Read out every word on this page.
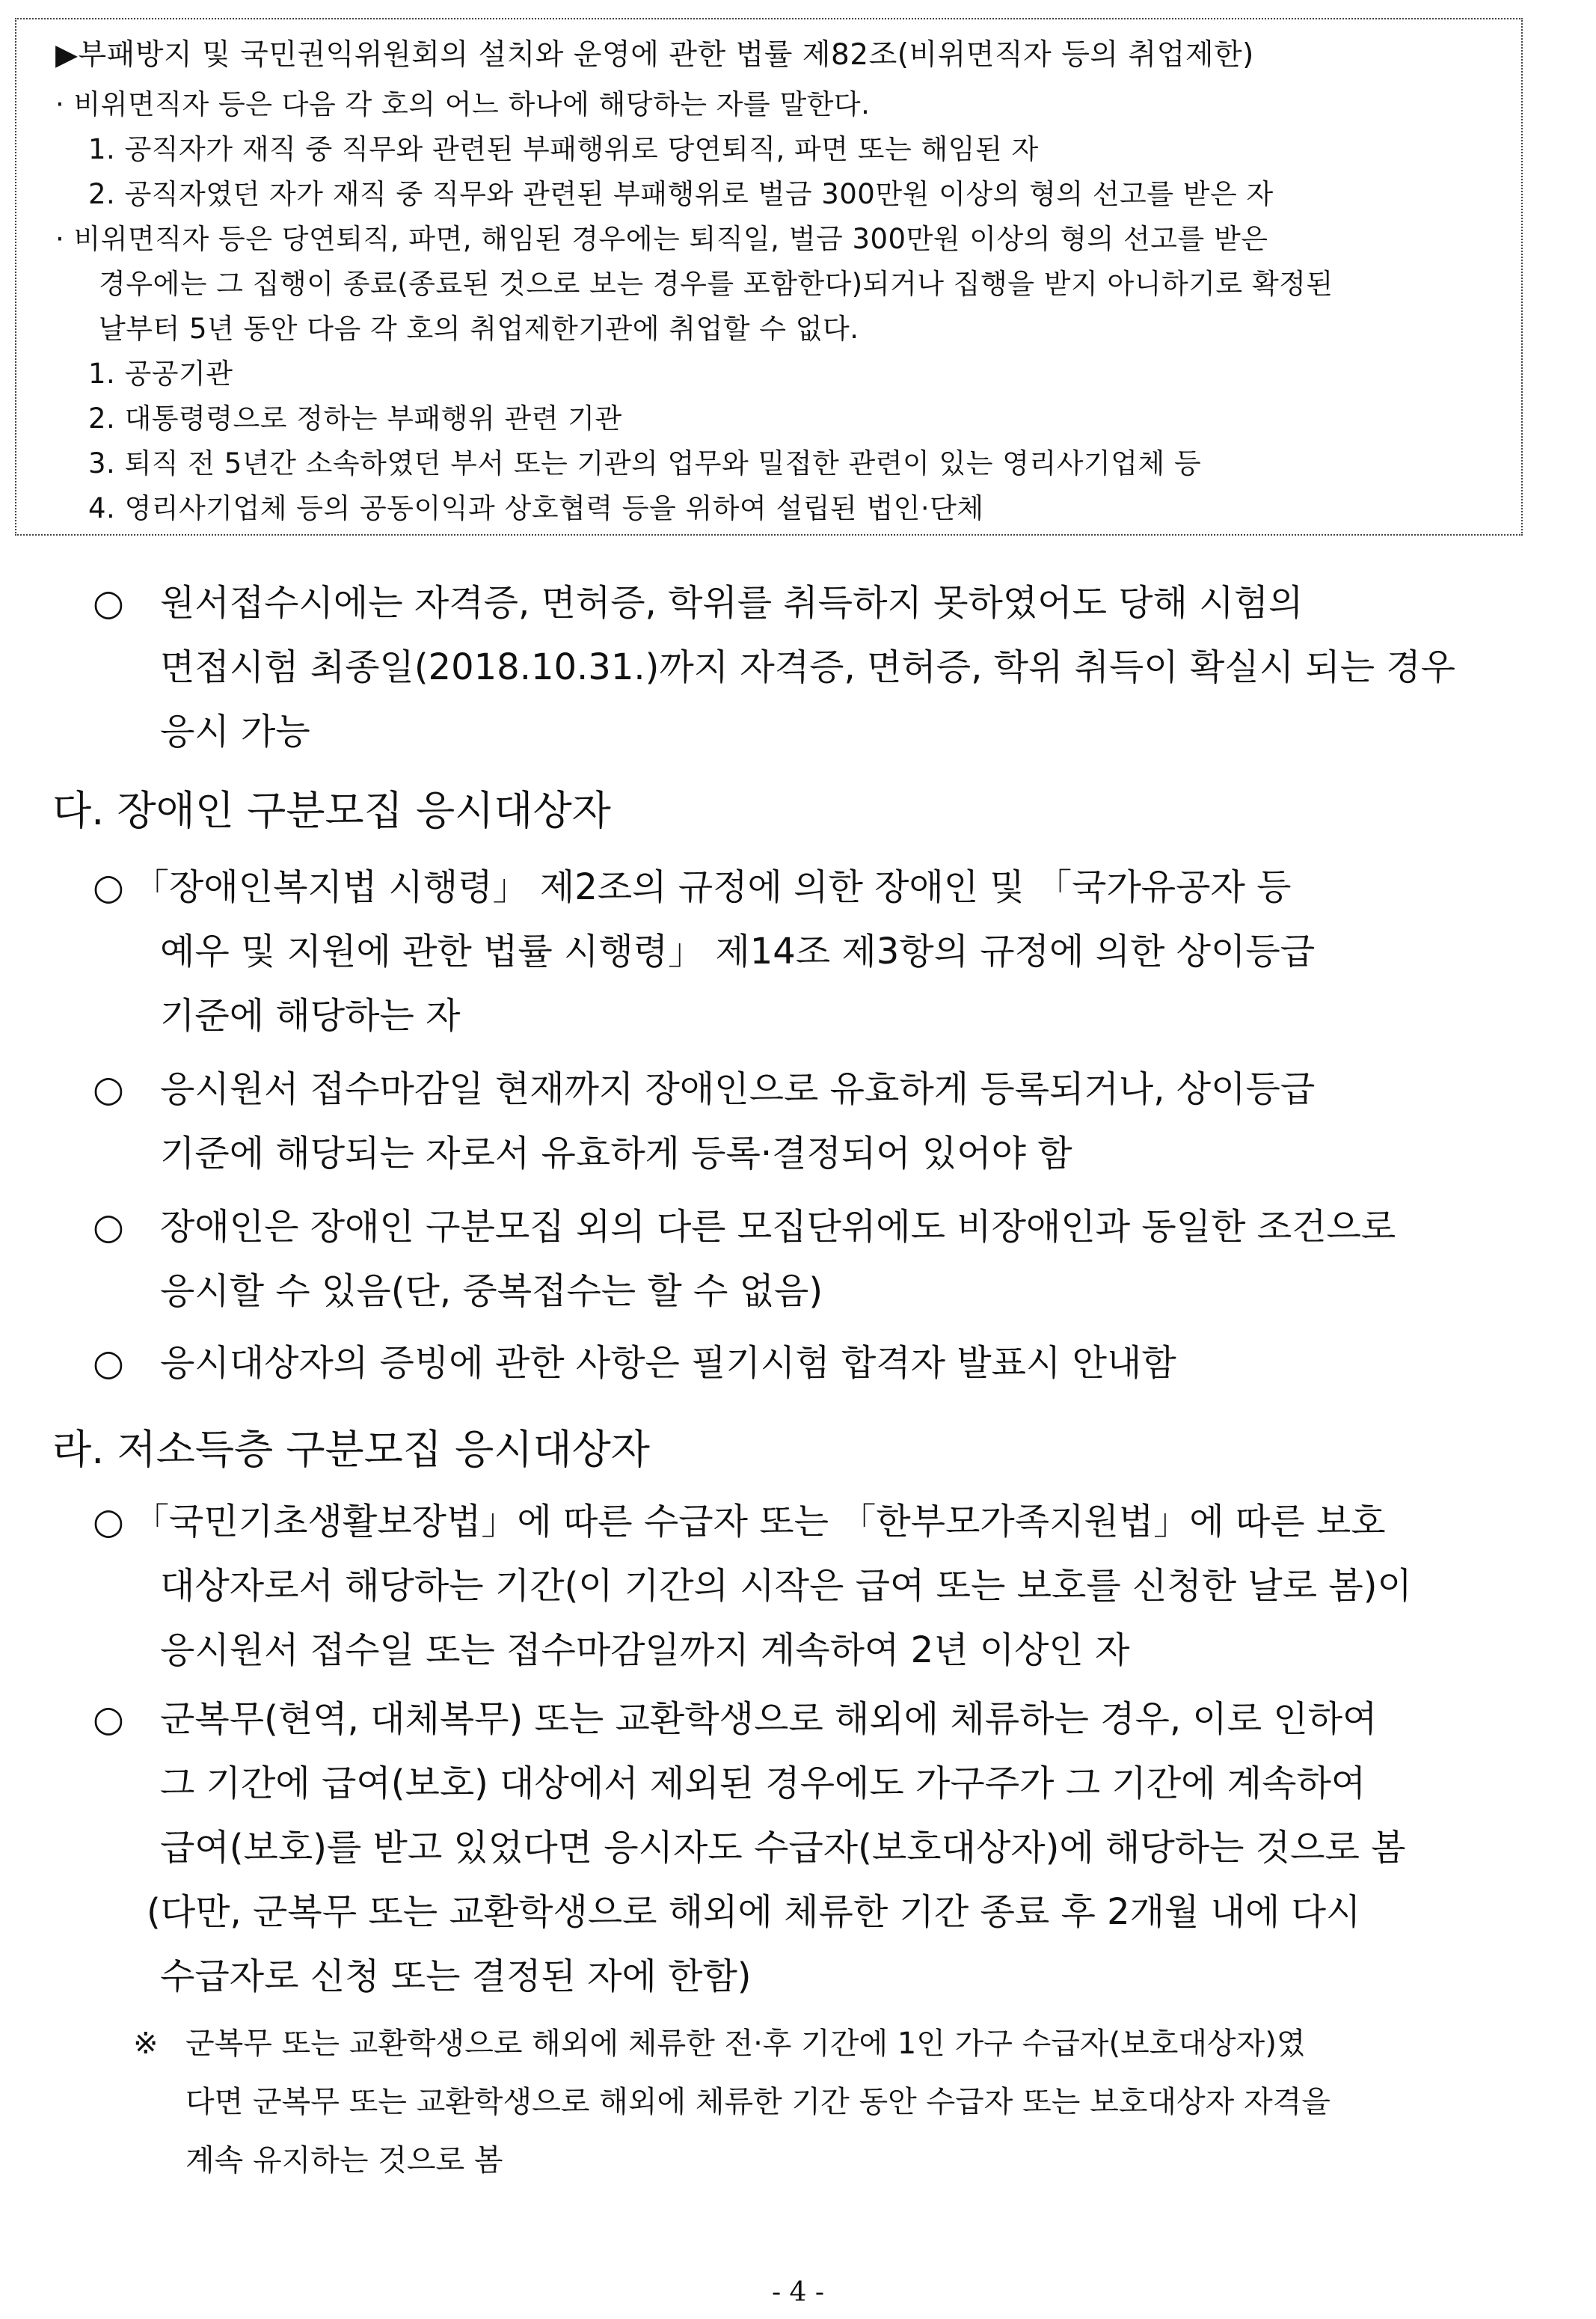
▶부패방지 및 국민권익위원회의 설치와 운영에 관한 법률 제82조(비위면직자 등의 취업제한)
· 비위면직자 등은 다음 각 호의 어느 하나에 해당하는 자를 말한다.
1. 공직자가 재직 중 직무와 관련된 부패행위로 당연퇴직, 파면 또는 해임된 자
2. 공직자였던 자가 재직 중 직무와 관련된 부패행위로 벌금 300만원 이상의 형의 선고를 받은 자
· 비위면직자 등은 당연퇴직, 파면, 해임된 경우에는 퇴직일, 벌금 300만원 이상의 형의 선고를 받은
경우에는 그 집행이 종료(종료된 것으로 보는 경우를 포함한다)되거나 집행을 받지 아니하기로 확정된
날부터 5년 동안 다음 각 호의 취업제한기관에 취업할 수 없다.
1. 공공기관
2. 대통령령으로 정하는 부패행위 관련 기관
3. 퇴직 전 5년간 소속하였던 부서 또는 기관의 업무와 밀접한 관련이 있는 영리사기업체 등
4. 영리사기업체 등의 공동이익과 상호협력 등을 위하여 설립된 법인·단체
○ 원서접수시에는 자격증, 면허증, 학위를 취득하지 못하였어도 당해 시험의
면접시험 최종일(2018.10.31.)까지 자격증, 면허증, 학위 취득이 확실시 되는 경우
응시 가능
다. 장애인 구분모집 응시대상자
○ 「장애인복지법 시행령」 제2조의 규정에 의한 장애인 및 「국가유공자 등
예우 및 지원에 관한 법률 시행령」 제14조 제3항의 규정에 의한 상이등급
기준에 해당하는 자
○ 응시원서 접수마감일 현재까지 장애인으로 유효하게 등록되거나, 상이등급
기준에 해당되는 자로서 유효하게 등록·결정되어 있어야 함
○ 장애인은 장애인 구분모집 외의 다른 모집단위에도 비장애인과 동일한 조건으로
응시할 수 있음(단, 중복접수는 할 수 없음)
○ 응시대상자의 증빙에 관한 사항은 필기시험 합격자 발표시 안내함
라. 저소득층 구분모집 응시대상자
○ 「국민기초생활보장법」에 따른 수급자 또는 「한부모가족지원법」에 따른 보호
대상자로서 해당하는 기간(이 기간의 시작은 급여 또는 보호를 신청한 날로 봄)이
응시원서 접수일 또는 접수마감일까지 계속하여 2년 이상인 자
○ 군복무(현역, 대체복무) 또는 교환학생으로 해외에 체류하는 경우, 이로 인하여
그 기간에 급여(보호) 대상에서 제외된 경우에도 가구주가 그 기간에 계속하여
급여(보호)를 받고 있었다면 응시자도 수급자(보호대상자)에 해당하는 것으로 봄
(다만, 군복무 또는 교환학생으로 해외에 체류한 기간 종료 후 2개월 내에 다시
수급자로 신청 또는 결정된 자에 한함)
※ 군복무 또는 교환학생으로 해외에 체류한 전·후 기간에 1인 가구 수급자(보호대상자)였
다면 군복무 또는 교환학생으로 해외에 체류한 기간 동안 수급자 또는 보호대상자 자격을
계속 유지하는 것으로 봄
- 4 -
